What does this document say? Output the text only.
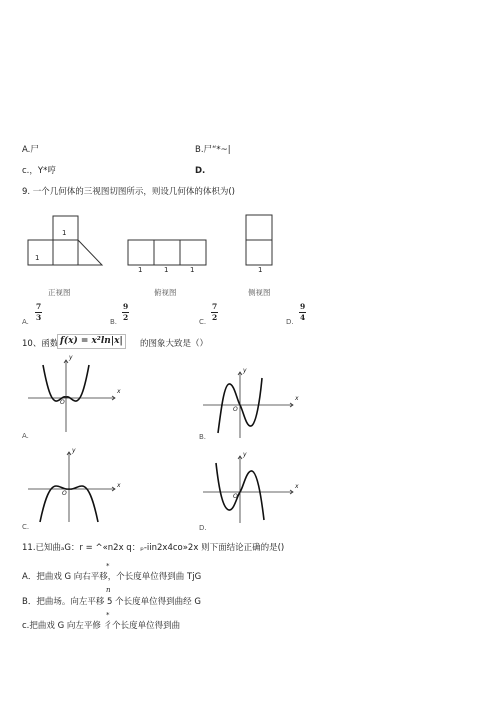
A.尸	B.尸“*~|
c.，Y*哼	D.
9. 一个几何体的三视图切图所示，则设几何体的体枳为()
1
1
1	1	1	1
正视图	俯视图	侧视图
A.
$\frac{7}{3}$
B.
$\frac{9}{2}$
C.
$\frac{7}{2}$
D.
$\frac{9}{4}$
10、函数 f(x) = x²ln|x|	的图象大致是（）
x
y
O
A.
x
y
O
B.
x
y
O
C.
x
y
O
D.
11.已知曲ₐG：r = ^«n2x q：ₚ-iin2x4co»2x 则下面结论正确的是()
*
A．把曲戏 G 向右平移，个长度单位得到曲 TjG
n
B．把曲场。向左平移 5 个长度单位得到曲经 G
*
c.把曲戏 G 向左平修 彳个长度单位得到曲
